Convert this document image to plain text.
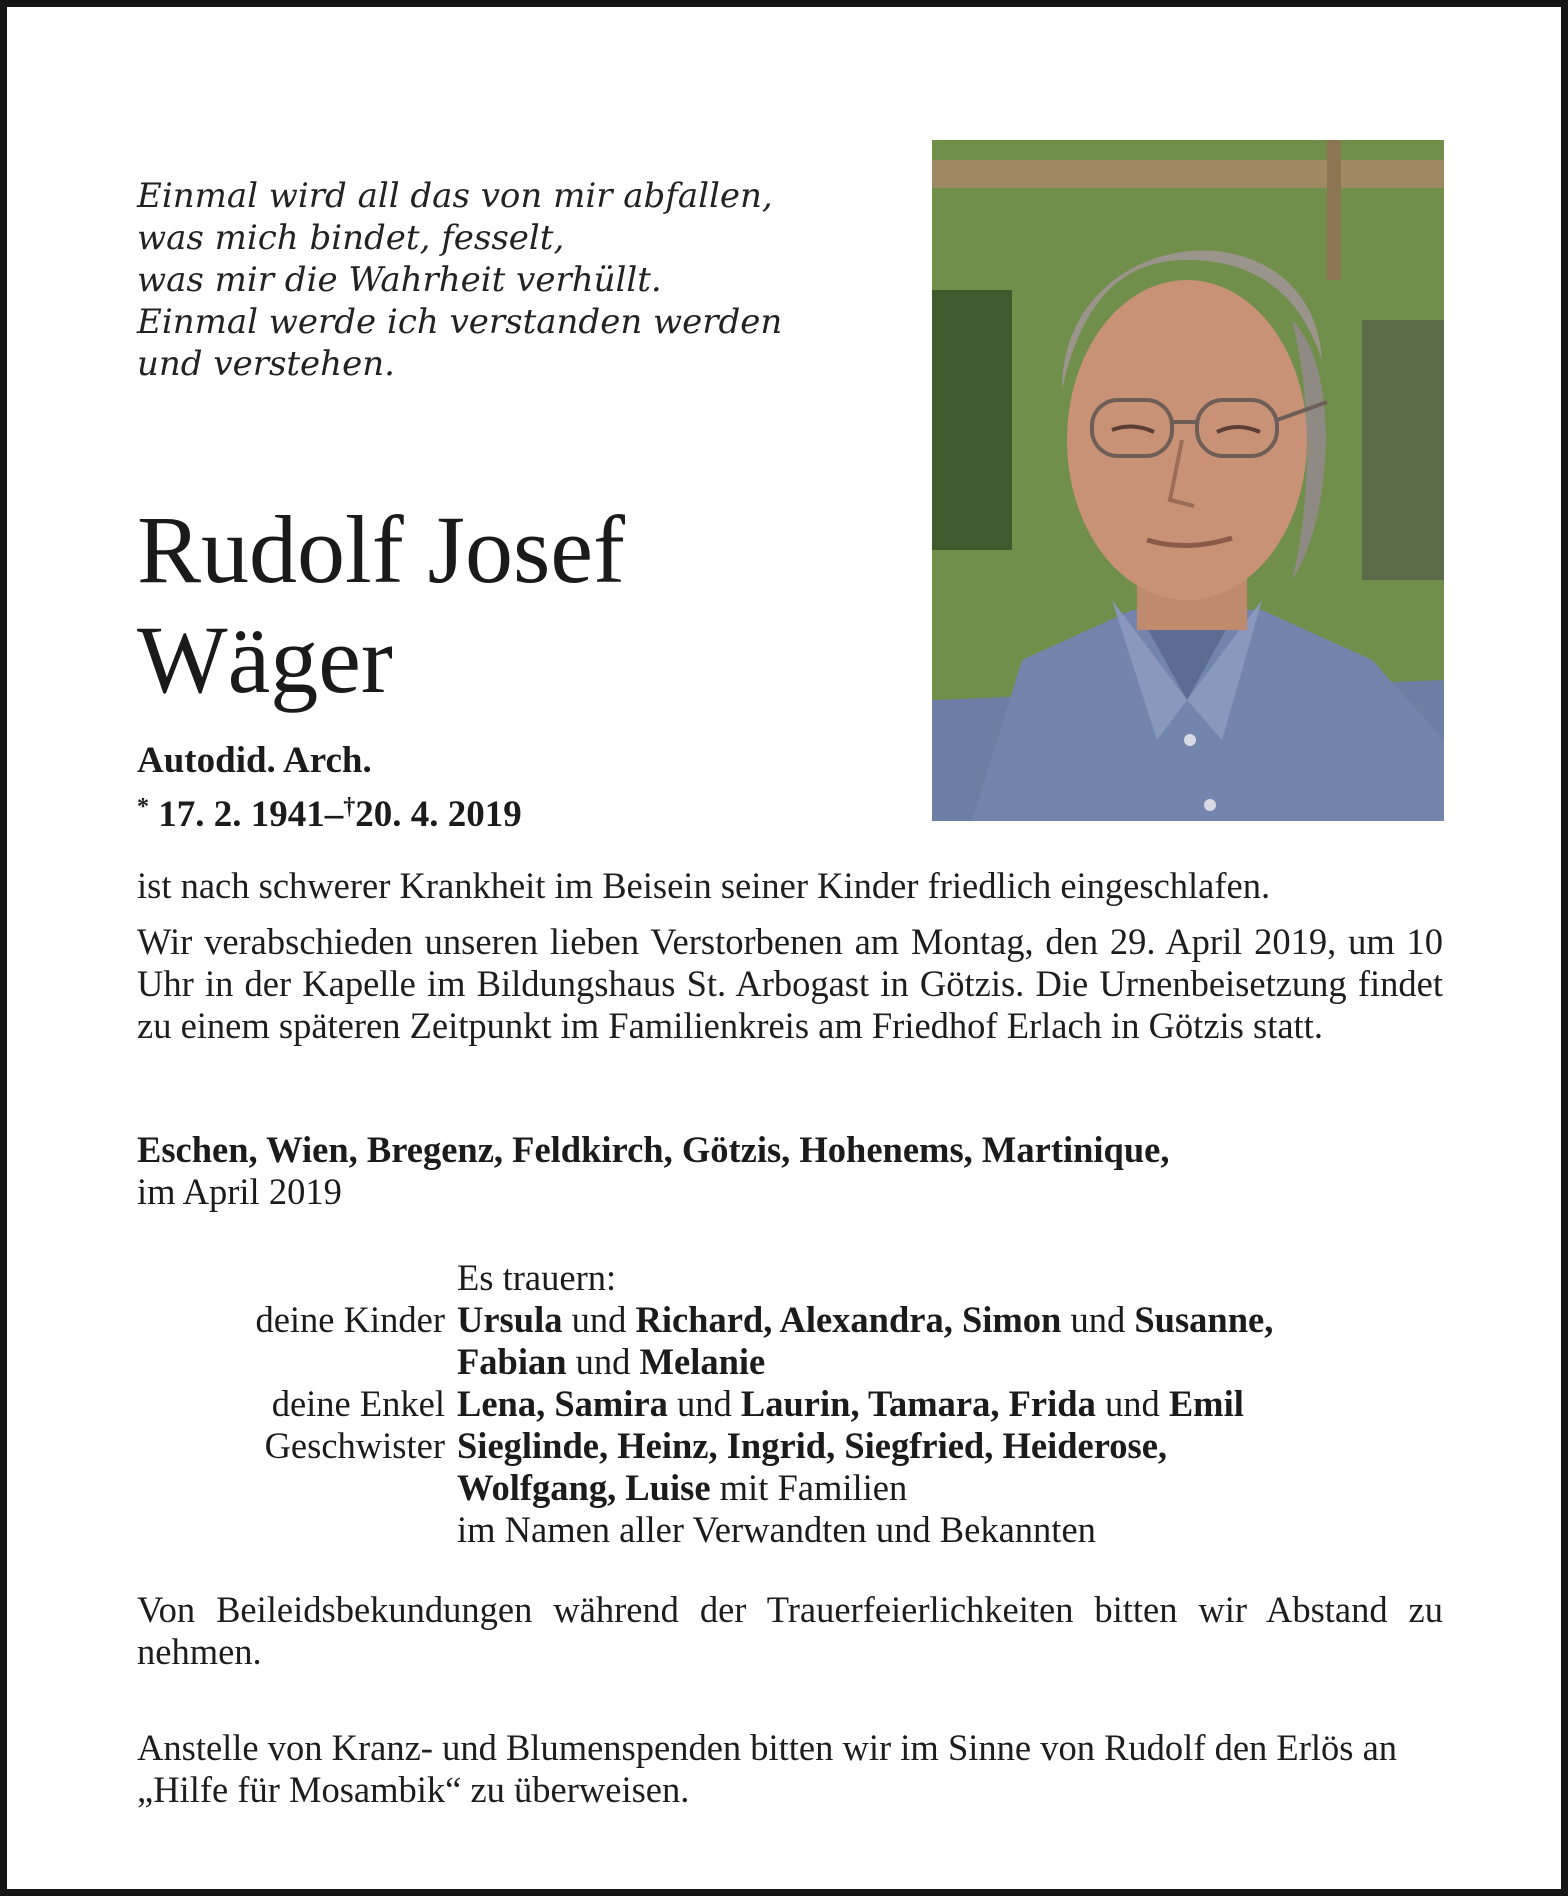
Einmal wird all das von mir abfallen,
was mich bindet, fesselt,
was mir die Wahrheit verhüllt.
Einmal werde ich verstanden werden
und verstehen.
Rudolf Josef
Wäger
Autodid. Arch.
* 17. 2. 1941–†20. 4. 2019
ist nach schwerer Krankheit im Beisein seiner Kinder friedlich eingeschlafen.
Wir verabschieden unseren lieben Verstorbenen am Montag, den 29. April 2019, um 10 Uhr in der Kapelle im Bildungshaus St. Arbogast in Götzis. Die Urnenbeisetzung findet zu einem späteren Zeitpunkt im Familienkreis am Friedhof Erlach in Götzis statt.
Eschen, Wien, Bregenz, Feldkirch, Götzis, Hohenems, Martinique,
im April 2019
Es trauern:
deine Kinder Ursula und Richard, Alexandra, Simon und Susanne,
Fabian und Melanie
deine Enkel Lena, Samira und Laurin, Tamara, Frida und Emil
Geschwister Sieglinde, Heinz, Ingrid, Siegfried, Heiderose,
Wolfgang, Luise mit Familien
im Namen aller Verwandten und Bekannten
Von Beileidsbekundungen während der Trauerfeierlichkeiten bitten wir Abstand zu nehmen.
Anstelle von Kranz- und Blumenspenden bitten wir im Sinne von Rudolf den Erlös an „Hilfe für Mosambik“ zu überweisen.
